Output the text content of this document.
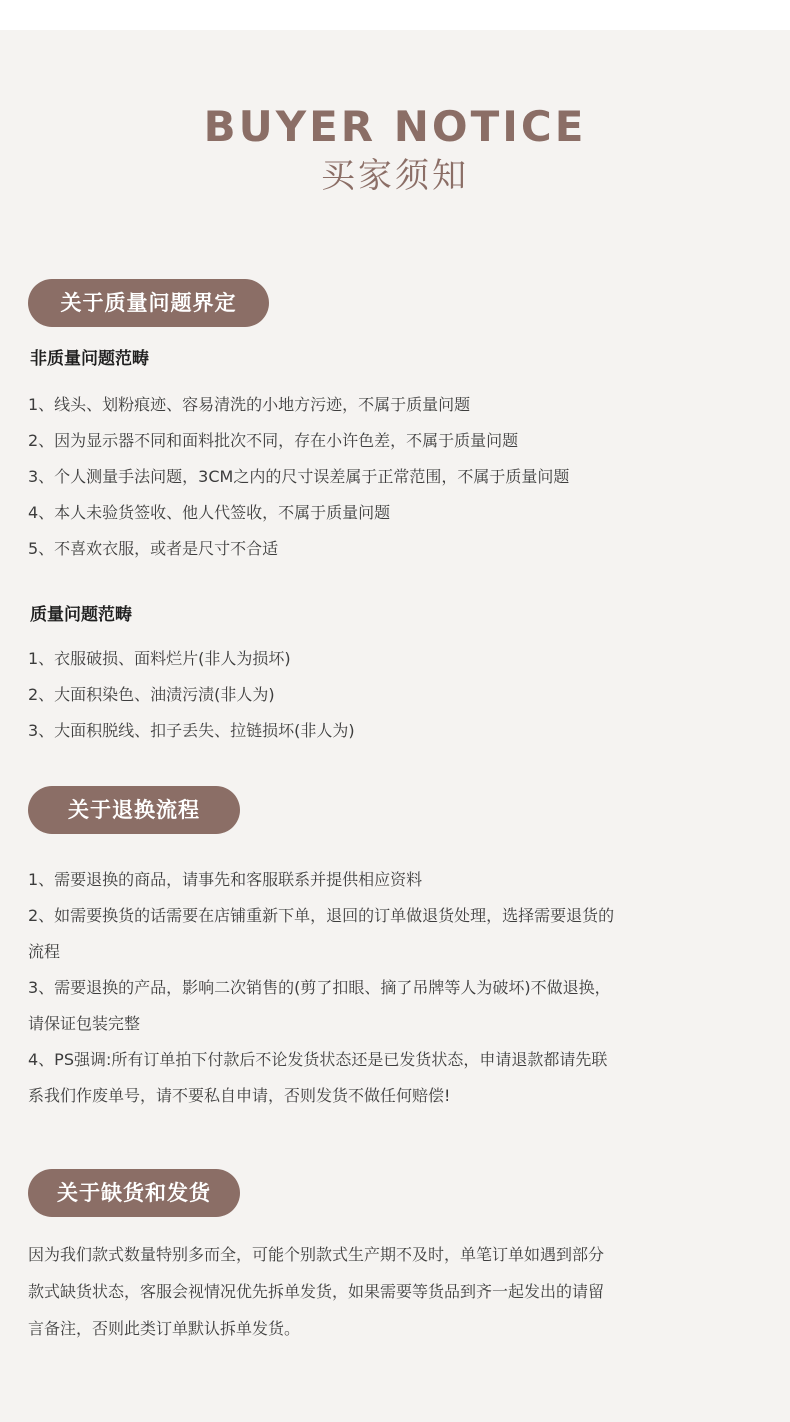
BUYER NOTICE
买家须知
关于质量问题界定
非质量问题范畴
1、线头、划粉痕迹、容易清洗的小地方污迹，不属于质量问题
2、因为显示器不同和面料批次不同，存在小许色差，不属于质量问题
3、个人测量手法问题，3CM之内的尺寸误差属于正常范围，不属于质量问题
4、本人未验货签收、他人代签收，不属于质量问题
5、不喜欢衣服，或者是尺寸不合适
质量问题范畴
1、衣服破损、面料烂片(非人为损坏)
2、大面积染色、油渍污渍(非人为)
3、大面积脱线、扣子丢失、拉链损坏(非人为)
关于退换流程
1、需要退换的商品，请事先和客服联系并提供相应资料
2、如需要换货的话需要在店铺重新下单，退回的订单做退货处理，选择需要退货的
流程
3、需要退换的产品，影响二次销售的(剪了扣眼、摘了吊牌等人为破坏)不做退换，
请保证包装完整
4、PS强调:所有订单拍下付款后不论发货状态还是已发货状态，申请退款都请先联
系我们作废单号，请不要私自申请，否则发货不做任何赔偿!
关于缺货和发货
因为我们款式数量特别多而全，可能个别款式生产期不及时，单笔订单如遇到部分
款式缺货状态，客服会视情况优先拆单发货，如果需要等货品到齐一起发出的请留
言备注，否则此类订单默认拆单发货。
